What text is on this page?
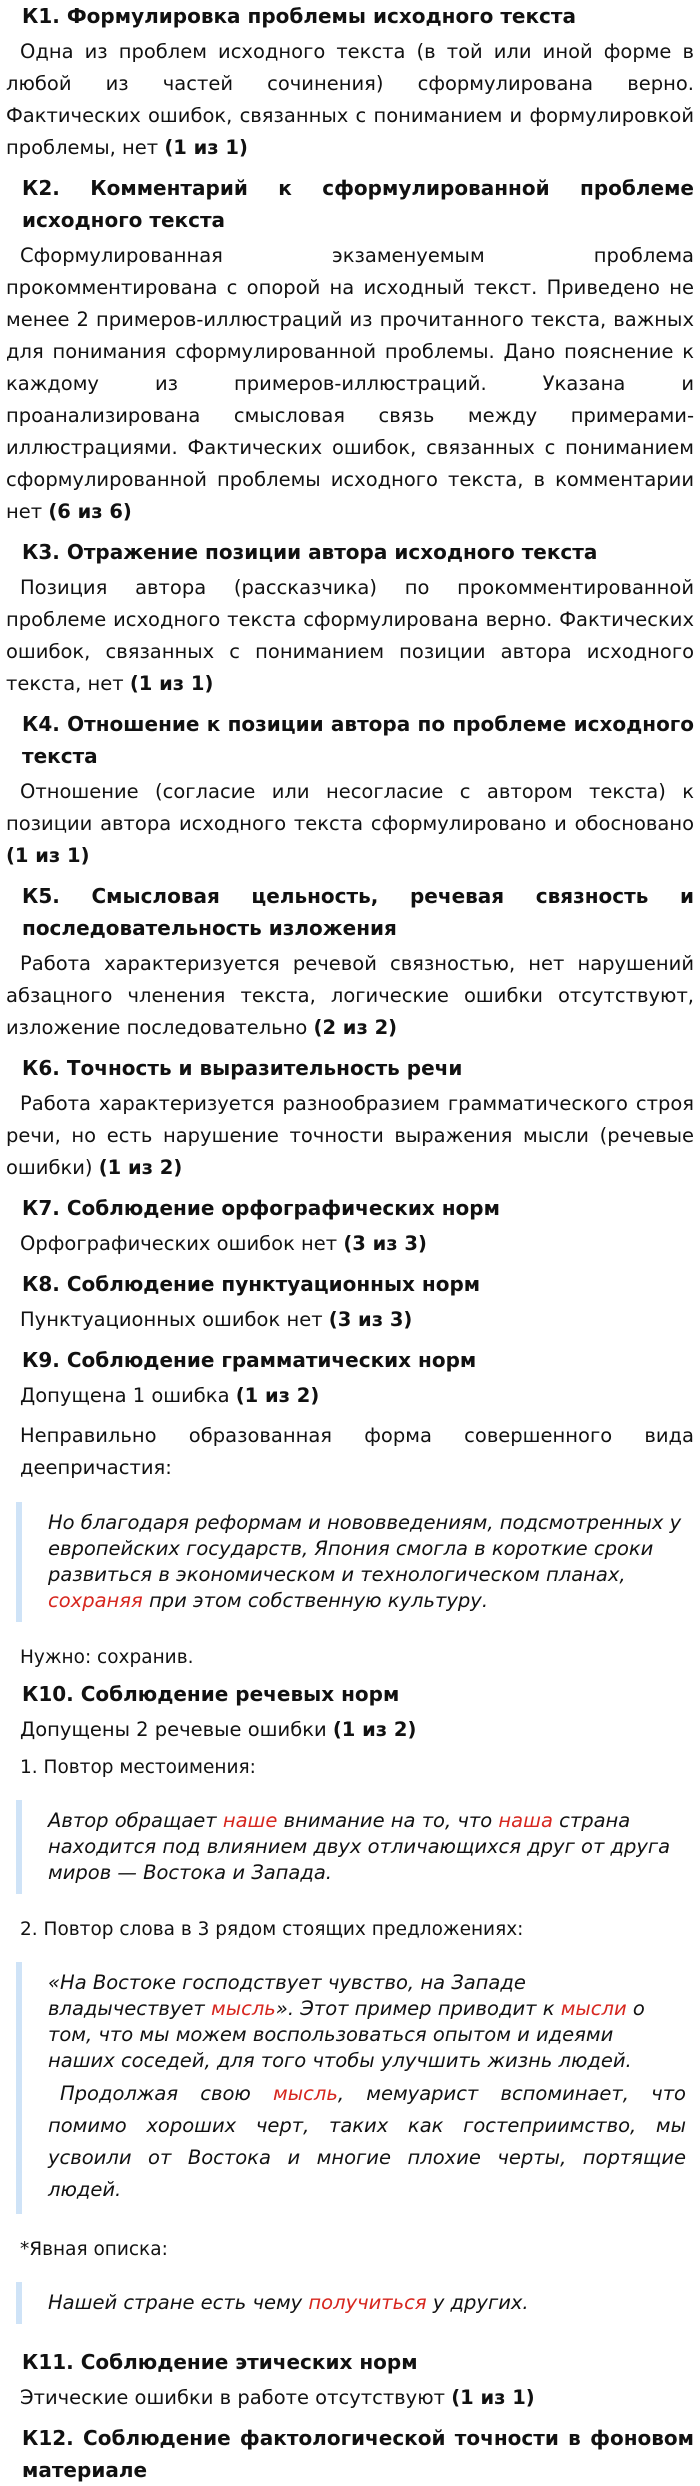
К1. Формулировка проблемы исходного текста
Одна из проблем исходного текста (в той или иной форме в любой из частей сочинения) сформулирована верно. Фактических ошибок, связанных с пониманием и формулировкой проблемы, нет (1 из 1)
К2. Комментарий к сформулированной проблеме исходного текста
Сформулированная экзаменуемым проблема прокомментирована с опорой на исходный текст. Приведено не менее 2 примеров-иллюстраций из прочитанного текста, важных для понимания сформулированной проблемы. Дано пояснение к каждому из примеров-иллюстраций. Указана и проанализирована смысловая связь между примерами-иллюстрациями. Фактических ошибок, связанных с пониманием сформулированной проблемы исходного текста, в комментарии нет (6 из 6)
К3. Отражение позиции автора исходного текста
Позиция автора (рассказчика) по прокомментированной проблеме исходного текста сформулирована верно. Фактических ошибок, связанных с пониманием позиции автора исходного текста, нет (1 из 1)
К4. Отношение к позиции автора по проблеме исходного текста
Отношение (согласие или несогласие с автором текста) к позиции автора исходного текста сформулировано и обосновано (1 из 1)
К5. Смысловая цельность, речевая связность и последовательность изложения
Работа характеризуется речевой связностью, нет нарушений абзацного членения текста, логические ошибки отсутствуют, изложение последовательно (2 из 2)
К6. Точность и выразительность речи
Работа характеризуется разнообразием грамматического строя речи, но есть нарушение точности выражения мысли (речевые ошибки) (1 из 2)
К7. Соблюдение орфографических норм
Орфографических ошибок нет (3 из 3)
К8. Соблюдение пунктуационных норм
Пунктуационных ошибок нет (3 из 3)
К9. Соблюдение грамматических норм
Допущена 1 ошибка (1 из 2)
Неправильно образованная форма совершенного вида деепричастия:

Но благодаря реформам и нововведениям, подсмотренных у европейских государств, Япония смогла в короткие сроки развиться в экономическом и технологическом планах, сохраняя при этом собственную культуру.

Нужно: сохранив.
К10. Соблюдение речевых норм
Допущены 2 речевые ошибки (1 из 2)
1. Повтор местоимения:

Автор обращает наше внимание на то, что наша страна находится под влиянием двух отличающихся друг от друга миров — Востока и Запада.

2. Повтор слова в 3 рядом стоящих предложениях:

«На Востоке господствует чувство, на Западе владычествует мысль». Этот пример приводит к мысли о том, что мы можем воспользоваться опытом и идеями наших соседей, для того чтобы улучшить жизнь людей.

Продолжая свою мысль, мемуарист вспоминает, что помимо хороших черт, таких как гостеприимство, мы усвоили от Востока и многие плохие черты, портящие людей.

*Явная описка:

Нашей стране есть чему получиться у других.

К11. Соблюдение этических норм
Этические ошибки в работе отсутствуют (1 из 1)
К12. Соблюдение фактологической точности в фоновом материале
